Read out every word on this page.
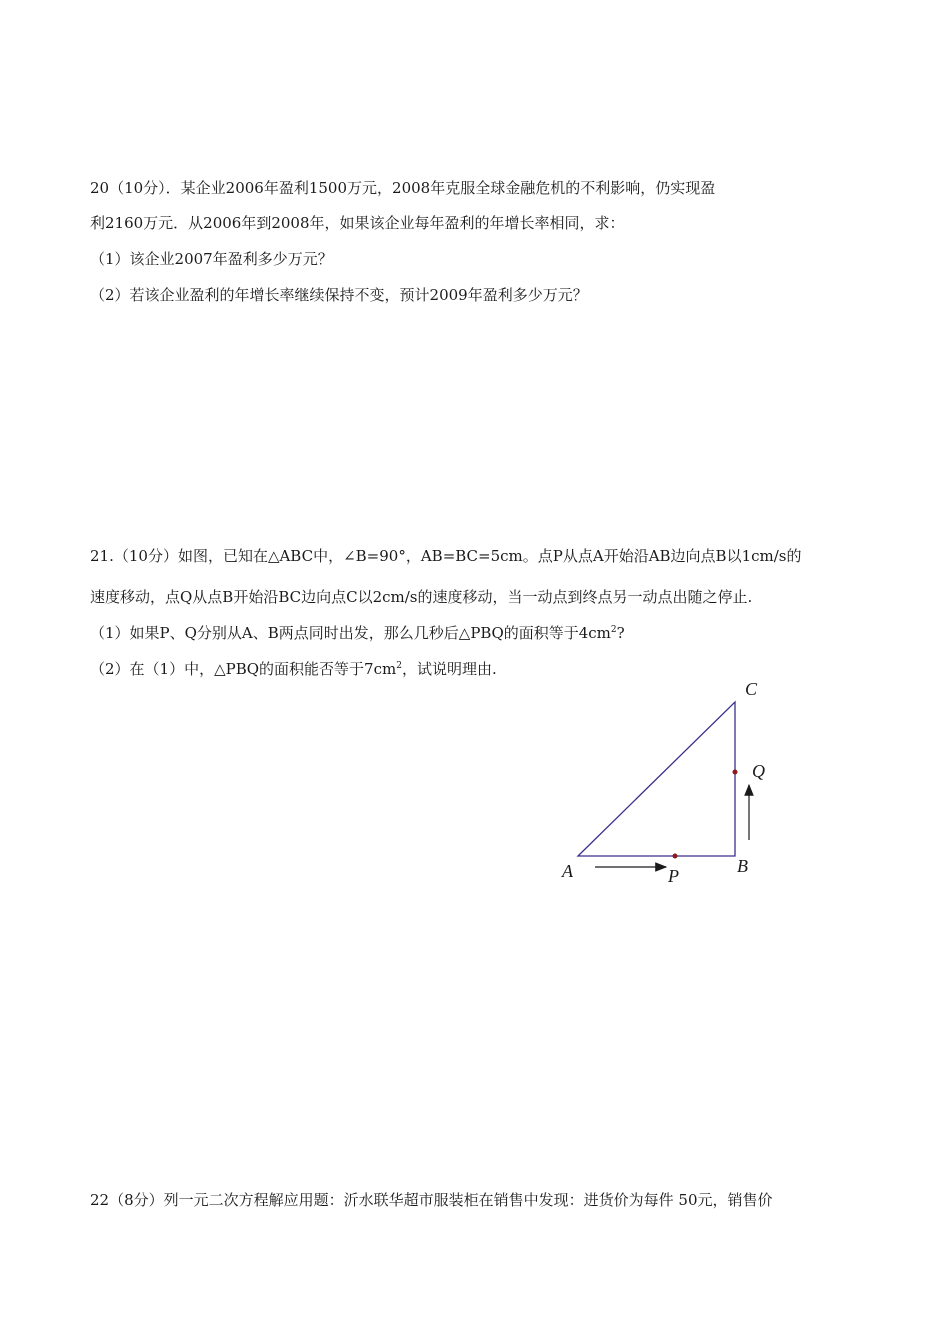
20（10分）．某企业2006年盈利1500万元，2008年克服全球金融危机的不利影响，仍实现盈
利2160万元．从2006年到2008年，如果该企业每年盈利的年增长率相同，求：
（1）该企业2007年盈利多少万元？
（2）若该企业盈利的年增长率继续保持不变，预计2009年盈利多少万元？
21.（10分）如图，已知在△ABC中，∠B=90°，AB=BC=5cm。点P从点A开始沿AB边向点B以1cm/s的
速度移动，点Q从点B开始沿BC边向点C以2cm/s的速度移动，当一动点到终点另一动点出随之停止.
（1）如果P、Q分别从A、B两点同时出发，那么几秒后△PBQ的面积等于$4cm^2$?
（2）在（1）中，△PBQ的面积能否等于$7cm^2$，试说明理由.
A	B
C
P
Q
22（8分）列一元二次方程解应用题：沂水联华超市服装柜在销售中发现：进货价为每件 50元，销售价
